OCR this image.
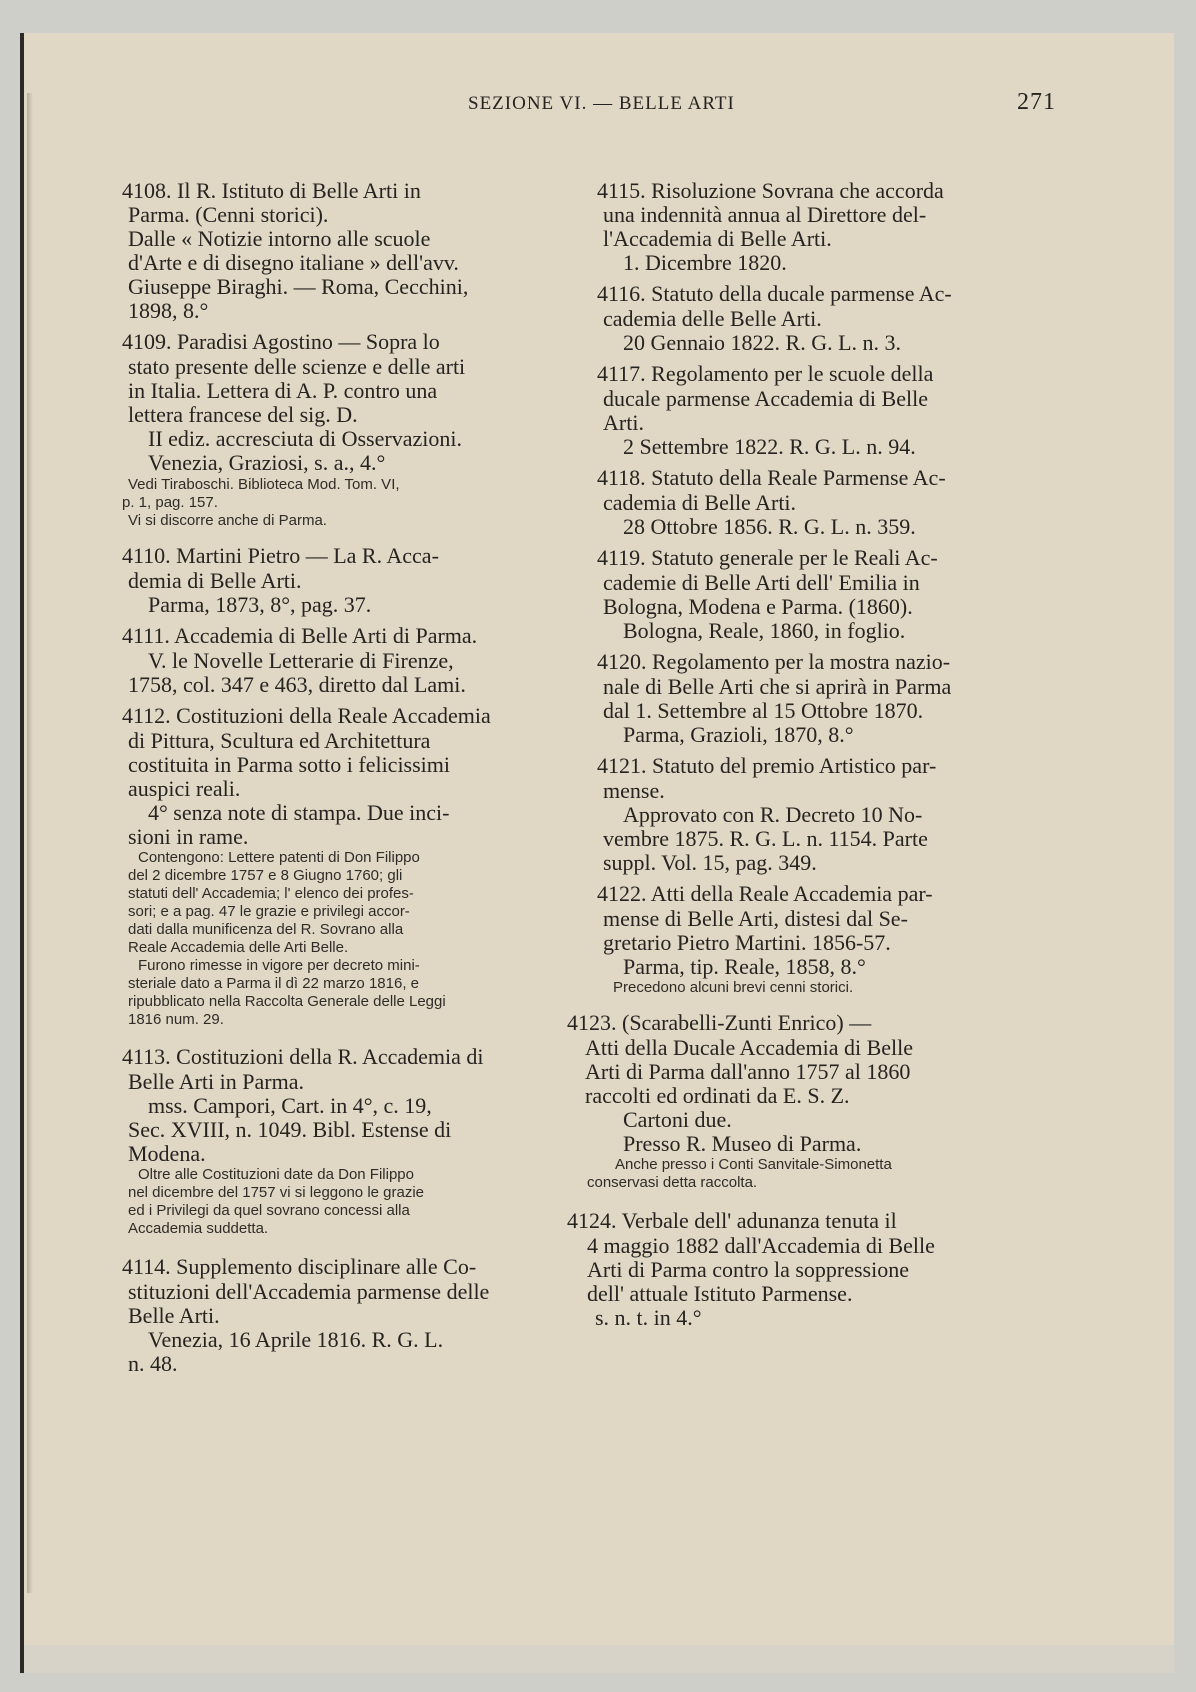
SEZIONE VI. — BELLE ARTI	271
4108. Il R. Istituto di Belle Arti in
Parma. (Cenni storici).
Dalle « Notizie intorno alle scuole
d'Arte e di disegno italiane » dell'avv.
Giuseppe Biraghi. — Roma, Cecchini,
1898, 8.°
4109. Paradisi Agostino — Sopra lo
stato presente delle scienze e delle arti
in Italia. Lettera di A. P. contro una
lettera francese del sig. D.
II ediz. accresciuta di Osservazioni.
Venezia, Graziosi, s. a., 4.°
Vedi Tiraboschi. Biblioteca Mod. Tom. VI,
p. 1, pag. 157.
Vi si discorre anche di Parma.
4110. Martini Pietro — La R. Acca-
demia di Belle Arti.
Parma, 1873, 8°, pag. 37.
4111. Accademia di Belle Arti di Parma.
V. le Novelle Letterarie di Firenze,
1758, col. 347 e 463, diretto dal Lami.
4112. Costituzioni della Reale Accademia
di Pittura, Scultura ed Architettura
costituita in Parma sotto i felicissimi
auspici reali.
4° senza note di stampa. Due inci-
sioni in rame.
Contengono: Lettere patenti di Don Filippo
del 2 dicembre 1757 e 8 Giugno 1760; gli
statuti dell' Accademia; l' elenco dei profes-
sori; e a pag. 47 le grazie e privilegi accor-
dati dalla munificenza del R. Sovrano alla
Reale Accademia delle Arti Belle.
Furono rimesse in vigore per decreto mini-
steriale dato a Parma il dì 22 marzo 1816, e
ripubblicato nella Raccolta Generale delle Leggi
1816 num. 29.
4113. Costituzioni della R. Accademia di
Belle Arti in Parma.
mss. Campori, Cart. in 4°, c. 19,
Sec. XVIII, n. 1049. Bibl. Estense di
Modena.
Oltre alle Costituzioni date da Don Filippo
nel dicembre del 1757 vi si leggono le grazie
ed i Privilegi da quel sovrano concessi alla
Accademia suddetta.
4114. Supplemento disciplinare alle Co-
stituzioni dell'Accademia parmense delle
Belle Arti.
Venezia, 16 Aprile 1816. R. G. L.
n. 48.
4115. Risoluzione Sovrana che accorda
una indennità annua al Direttore del-
l'Accademia di Belle Arti.
1. Dicembre 1820.
4116. Statuto della ducale parmense Ac-
cademia delle Belle Arti.
20 Gennaio 1822. R. G. L. n. 3.
4117. Regolamento per le scuole della
ducale parmense Accademia di Belle
Arti.
2 Settembre 1822. R. G. L. n. 94.
4118. Statuto della Reale Parmense Ac-
cademia di Belle Arti.
28 Ottobre 1856. R. G. L. n. 359.
4119. Statuto generale per le Reali Ac-
cademie di Belle Arti dell' Emilia in
Bologna, Modena e Parma. (1860).
Bologna, Reale, 1860, in foglio.
4120. Regolamento per la mostra nazio-
nale di Belle Arti che si aprirà in Parma
dal 1. Settembre al 15 Ottobre 1870.
Parma, Grazioli, 1870, 8.°
4121. Statuto del premio Artistico par-
mense.
Approvato con R. Decreto 10 No-
vembre 1875. R. G. L. n. 1154. Parte
suppl. Vol. 15, pag. 349.
4122. Atti della Reale Accademia par-
mense di Belle Arti, distesi dal Se-
gretario Pietro Martini. 1856-57.
Parma, tip. Reale, 1858, 8.°
Precedono alcuni brevi cenni storici.
4123. (Scarabelli-Zunti Enrico) —
Atti della Ducale Accademia di Belle
Arti di Parma dall'anno 1757 al 1860
raccolti ed ordinati da E. S. Z.
Cartoni due.
Presso R. Museo di Parma.
Anche presso i Conti Sanvitale-Simonetta
conservasi detta raccolta.
4124. Verbale dell' adunanza tenuta il
4 maggio 1882 dall'Accademia di Belle
Arti di Parma contro la soppressione
dell' attuale Istituto Parmense.
s. n. t. in 4.°
